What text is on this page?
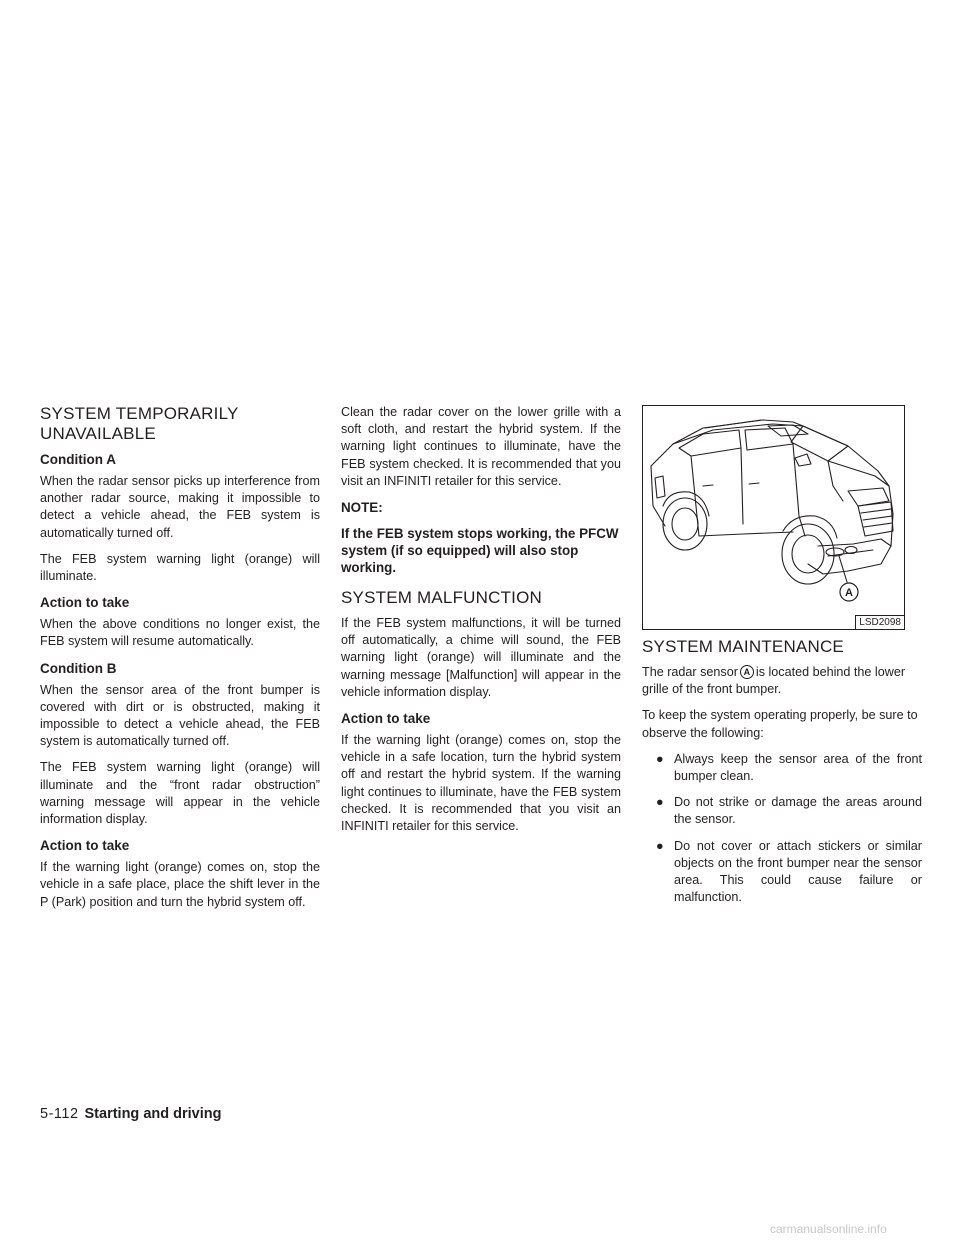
SYSTEM TEMPORARILY UNAVAILABLE
Condition A

When the radar sensor picks up interference from another radar source, making it impossible to detect a vehicle ahead, the FEB system is automatically turned off.

The FEB system warning light (orange) will illuminate.

Action to take

When the above conditions no longer exist, the FEB system will resume automatically.

Condition B

When the sensor area of the front bumper is covered with dirt or is obstructed, making it impossible to detect a vehicle ahead, the FEB system is automatically turned off.

The FEB system warning light (orange) will illuminate and the “front radar obstruction” warning message will appear in the vehicle information display.

Action to take

If the warning light (orange) comes on, stop the vehicle in a safe place, place the shift lever in the P (Park) position and turn the hybrid system off.

Clean the radar cover on the lower grille with a soft cloth, and restart the hybrid system. If the warning light continues to illuminate, have the FEB system checked. It is recommended that you visit an INFINITI retailer for this service.

NOTE:

If the FEB system stops working, the PFCW system (if so equipped) will also stop working.

SYSTEM MALFUNCTION

If the FEB system malfunctions, it will be turned off automatically, a chime will sound, the FEB warning light (orange) will illuminate and the warning message [Malfunction] will appear in the vehicle information display.

Action to take

If the warning light (orange) comes on, stop the vehicle in a safe location, turn the hybrid system off and restart the hybrid system. If the warning light continues to illuminate, have the FEB system checked. It is recommended that you visit an INFINITI retailer for this service.

A
LSD2098
SYSTEM MAINTENANCE

The radar sensor A is located behind the lower grille of the front bumper.

To keep the system operating properly, be sure to observe the following:

● Always keep the sensor area of the front bumper clean.
● Do not strike or damage the areas around the sensor.
● Do not cover or attach stickers or similar objects on the front bumper near the sensor area. This could cause failure or malfunction.
5-112 Starting and driving
carmanualsonline.info
